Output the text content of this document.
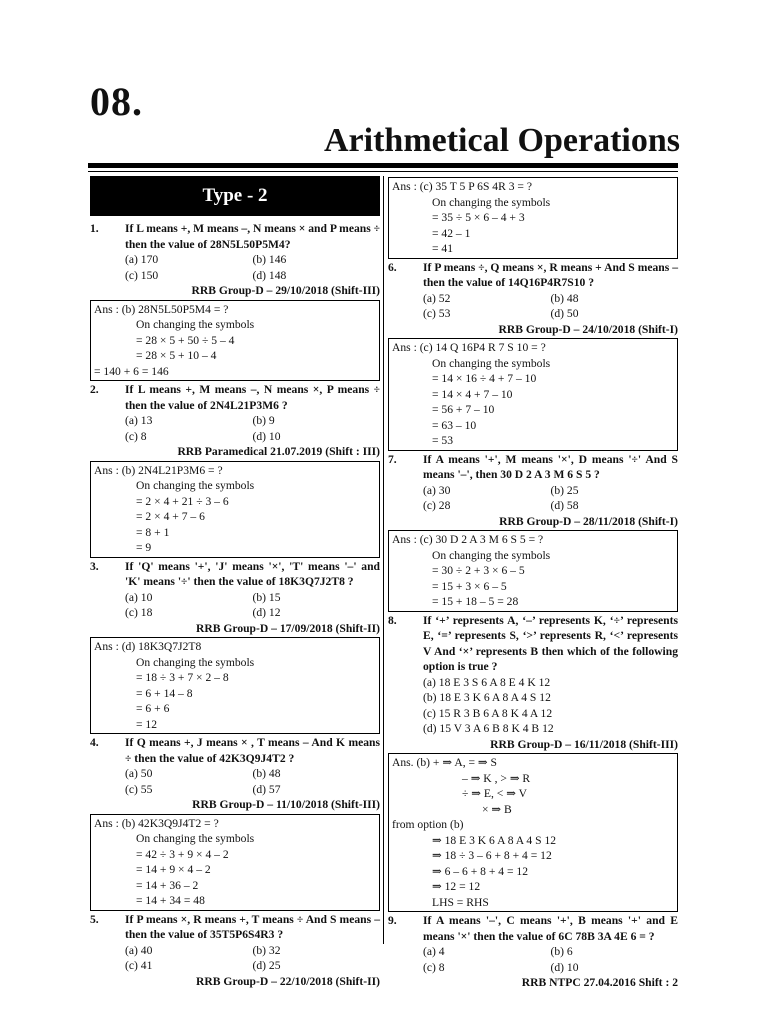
08.
Arithmetical Operations
Type - 2
1.	If L means +, M means –, N means × and P means ÷ then the value of 28N5L50P5M4?
(a) 170	(b) 146
(c) 150	(d) 148
RRB Group-D – 29/10/2018 (Shift-III)
Ans : (b) 28N5L50P5M4 = ?
On changing the symbols
= 28 × 5 + 50 ÷ 5 – 4
= 28 × 5 + 10 – 4
= 140 + 6 = 146
2.	If L means +, M means –, N means ×, P means ÷ then the value of 2N4L21P3M6 ?
(a) 13	(b) 9
(c) 8	(d) 10
RRB Paramedical 21.07.2019 (Shift : III)
Ans : (b) 2N4L21P3M6 = ?
On changing the symbols
= 2 × 4 + 21 ÷ 3 – 6
= 2 × 4 + 7 – 6
= 8 + 1
= 9
3.	If 'Q' means '+', 'J' means '×', 'T' means '–' and 'K' means '÷' then the value of 18K3Q7J2T8 ?
(a) 10	(b) 15
(c) 18	(d) 12
RRB Group-D – 17/09/2018 (Shift-II)
Ans : (d) 18K3Q7J2T8
On changing the symbols
= 18 ÷ 3 + 7 × 2 – 8
= 6 + 14 – 8
= 6 + 6
= 12
4.	If Q means +, J means × , T means – And K means ÷ then the value of 42K3Q9J4T2 ?
(a) 50	(b) 48
(c) 55	(d) 57
RRB Group-D – 11/10/2018 (Shift-III)
Ans : (b) 42K3Q9J4T2 = ?
On changing the symbols
= 42 ÷ 3 + 9 × 4 – 2
= 14 + 9 × 4 – 2
= 14 + 36 – 2
= 14 + 34 = 48
5.	If P means ×, R means +, T means ÷ And S means – then the value of 35T5P6S4R3 ?
(a) 40	(b) 32
(c) 41	(d) 25
RRB Group-D – 22/10/2018 (Shift-II)
Ans : (c) 35 T 5 P 6S 4R 3 = ?
On changing the symbols
= 35 ÷ 5 × 6 – 4 + 3
= 42 – 1
= 41
6.	If P means ÷, Q means ×, R means + And S means – then the value of 14Q16P4R7S10 ?
(a) 52	(b) 48
(c) 53	(d) 50
RRB Group-D – 24/10/2018 (Shift-I)
Ans : (c) 14 Q 16P4 R 7 S 10 = ?
On changing the symbols
= 14 × 16 ÷ 4 + 7 – 10
= 14 × 4 + 7 – 10
= 56 + 7 – 10
= 63 – 10
= 53
7.	If A means '+', M means '×', D means '÷' And S means '–', then 30 D 2 A 3 M 6 S 5 ?
(a) 30	(b) 25
(c) 28	(d) 58
RRB Group-D – 28/11/2018 (Shift-I)
Ans : (c) 30 D 2 A 3 M 6 S 5 = ?
On changing the symbols
= 30 ÷ 2 + 3 × 6 – 5
= 15 + 3 × 6 – 5
= 15 + 18 – 5 = 28
8.	If ‘+’ represents A, ‘–’ represents K, ‘÷’ represents E, ‘=’ represents S, ‘>’ represents R, ‘<’ represents V And ‘×’ represents B then which of the following option is true ?
(a) 18 E 3 S 6 A 8 E 4 K 12
(b) 18 E 3 K 6 A 8 A 4 S 12
(c) 15 R 3 B 6 A 8 K 4 A 12
(d) 15 V 3 A 6 B 8 K 4 B 12
RRB Group-D – 16/11/2018 (Shift-III)
Ans. (b) + ⇒ A, = ⇒ S
– ⇒ K , > ⇒ R
÷ ⇒ E, < ⇒ V
× ⇒ B
from option (b)
⇒ 18 E 3 K 6 A 8 A 4 S 12
⇒ 18 ÷ 3 – 6 + 8 + 4 = 12
⇒ 6 – 6 + 8 + 4 = 12
⇒ 12 = 12
LHS = RHS
9.	If A means '–', C means '+', B means '+' and E means '×' then the value of 6C 78B 3A 4E 6 = ?
(a) 4	(b) 6
(c) 8	(d) 10
RRB NTPC 27.04.2016 Shift : 2
